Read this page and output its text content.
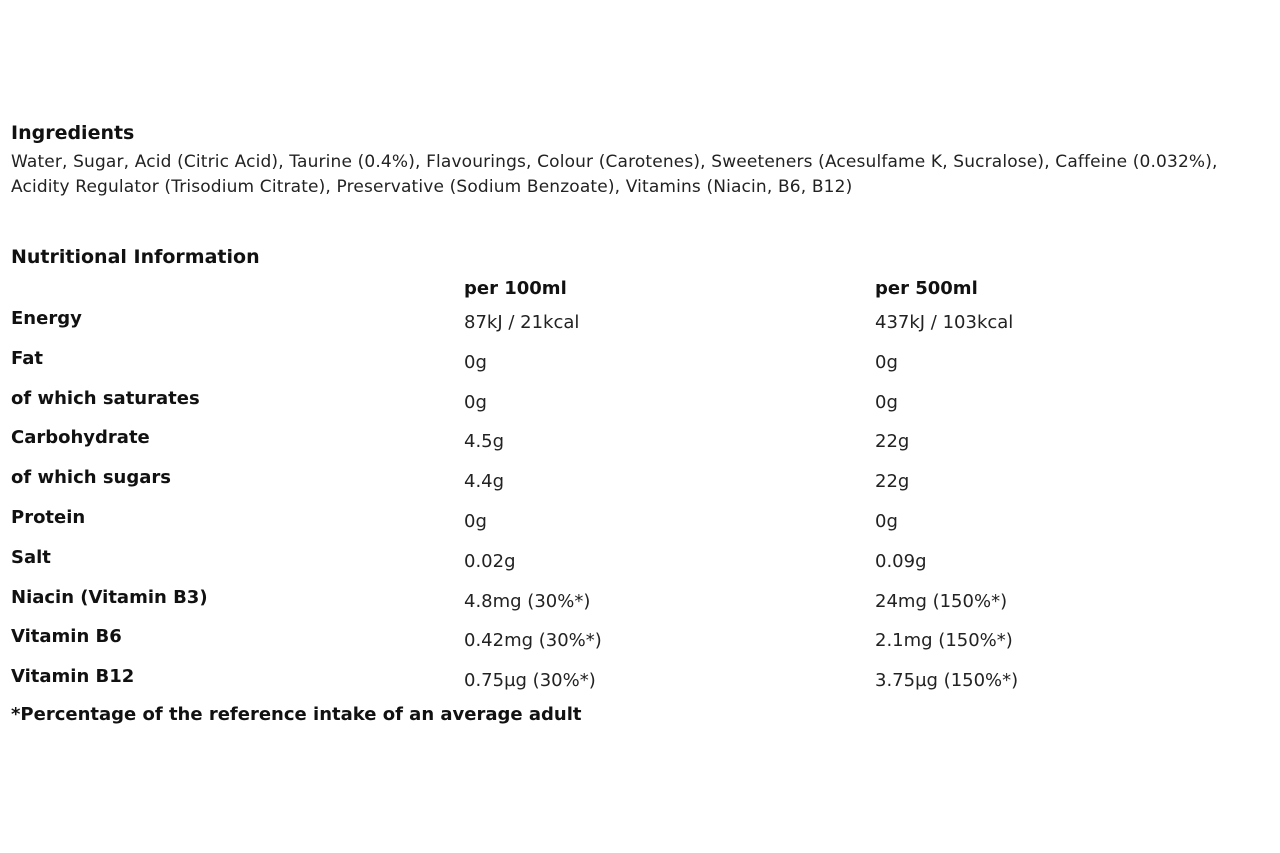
Ingredients

Water, Sugar, Acid (Citric Acid), Taurine (0.4%), Flavourings, Colour (Carotenes), Sweeteners (Acesulfame K, Sucralose), Caffeine (0.032%), Acidity Regulator (Trisodium Citrate), Preservative (Sodium Benzoate), Vitamins (Niacin, B6, B12)

Nutritional Information
	per 100ml	per 500ml

Energy	87kJ / 21kcal	437kJ / 103kcal

Fat	0g	0g

of which saturates	0g	0g

Carbohydrate	4.5g	22g

of which sugars	4.4g	22g

Protein	0g	0g

Salt	0.02g	0.09g

Niacin (Vitamin B3)	4.8mg (30%*)	24mg (150%*)

Vitamin B6	0.42mg (30%*)	2.1mg (150%*)

Vitamin B12	0.75µg (30%*)	3.75µg (150%*)

*Percentage of the reference intake of an average adult
